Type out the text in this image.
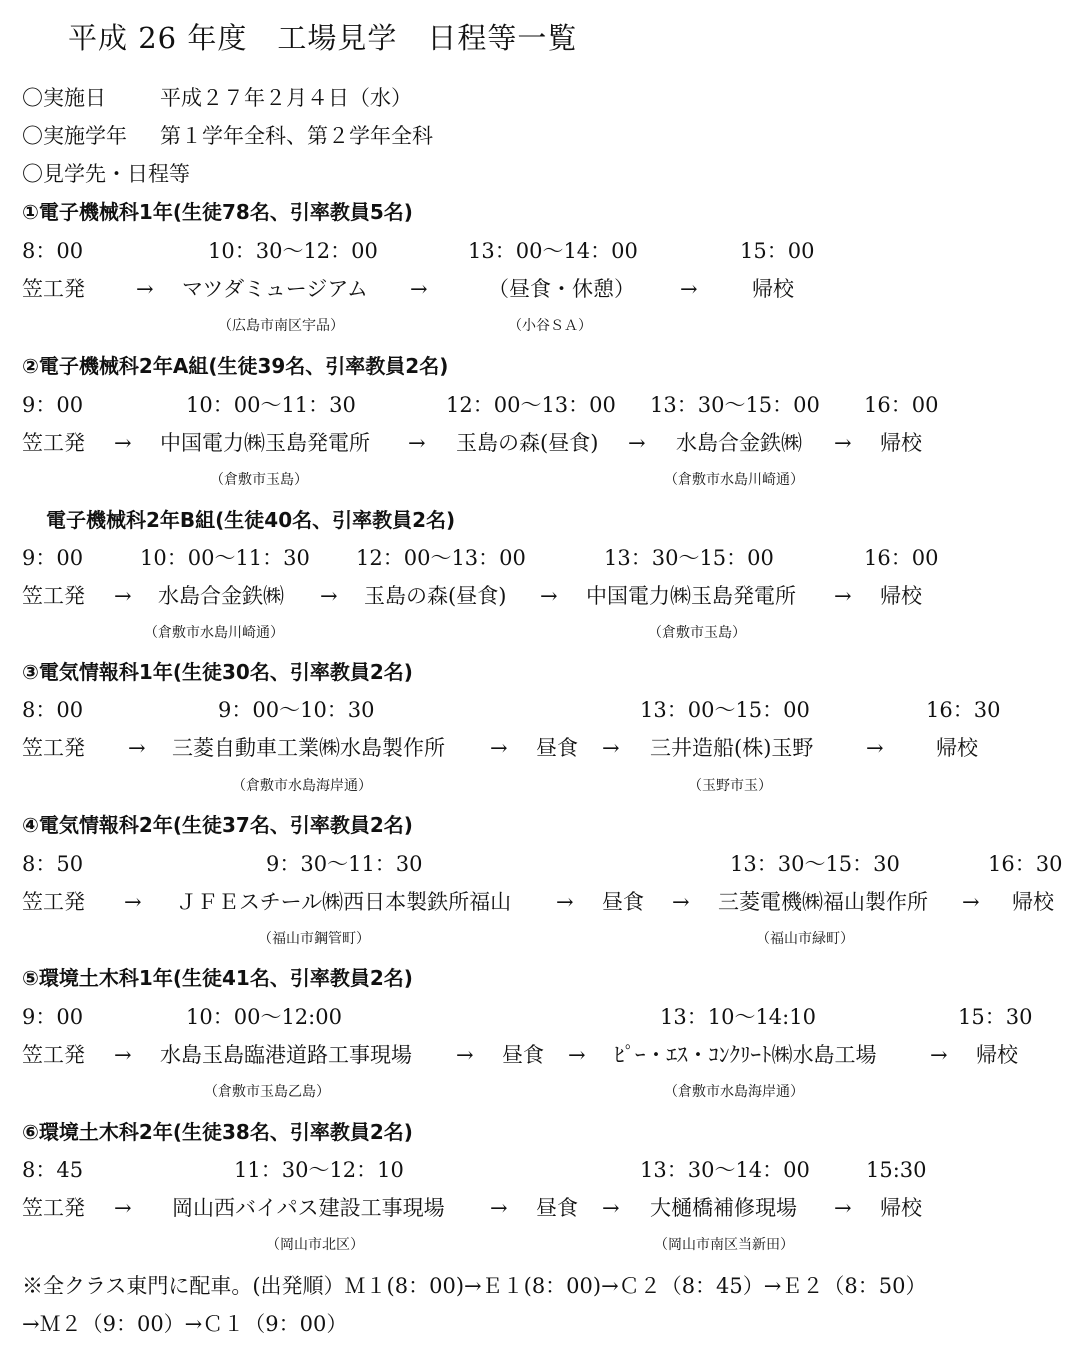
平成 26 年度　工場見学　日程等一覧
〇実施日	平成２７年２月４日（水）
〇実施学年 第１学年全科、第２学年全科
〇見学先・日程等
①電子機械科1年(生徒78名、引率教員5名)
8：00	10：30～12：00	13：00～14：00	15：00
笠工発 → マツダミュージアム →	（昼食・休憩） →	帰校
（広島市南区宇品）	（小谷ＳＡ）
②電子機械科2年A組(生徒39名、引率教員2名)
9：00	10：00～11：30	12：00～13：00 13：30～15：00 16：00
笠工発 → 中国電力㈱玉島発電所 → 玉島の森(昼食) → 水島合金鉄㈱ → 帰校
（倉敷市玉島）	（倉敷市水島川崎通）
電子機械科2年B組(生徒40名、引率教員2名)
9：00	10：00～11：30 12：00～13：00	13：30～15：00	16：00
笠工発 → 水島合金鉄㈱ → 玉島の森(昼食) → 中国電力㈱玉島発電所 → 帰校
（倉敷市水島川崎通）	（倉敷市玉島）
③電気情報科1年(生徒30名、引率教員2名)
8：00	9：00～10：30	13：00～15：00	16：30
笠工発 → 三菱自動車工業㈱水島製作所 → 昼食 → 三井造船(株)玉野	→ 帰校
（倉敷市水島海岸通）	（玉野市玉）
④電気情報科2年(生徒37名、引率教員2名)
8：50	9：30～11：30	13：30～15：30	16：30
笠工発 → ＪＦＥスチール㈱西日本製鉄所福山 → 昼食 → 三菱電機㈱福山製作所 → 帰校
（福山市鋼管町）	（福山市緑町）
⑤環境土木科1年(生徒41名、引率教員2名)
9：00	10：00～12:00	13：10～14:10	15：30
笠工発 → 水島玉島臨港道路工事現場 → 昼食 → ﾋﾟｰ・ｴｽ・ｺﾝｸﾘｰﾄ㈱水島工場	→ 帰校
（倉敷市玉島乙島）	（倉敷市水島海岸通）
⑥環境土木科2年(生徒38名、引率教員2名)
8：45	11：30～12：10	13：30～14：00	15:30
笠工発 → 岡山西バイパス建設工事現場 → 昼食 → 大樋橋補修現場 → 帰校
（岡山市北区）	（岡山市南区当新田）
※全クラス東門に配車。(出発順）Ｍ１(8：00)→Ｅ１(8：00)→Ｃ２（8：45）→Ｅ２（8：50）
→Ｍ２（9：00）→Ｃ１（9：00）
